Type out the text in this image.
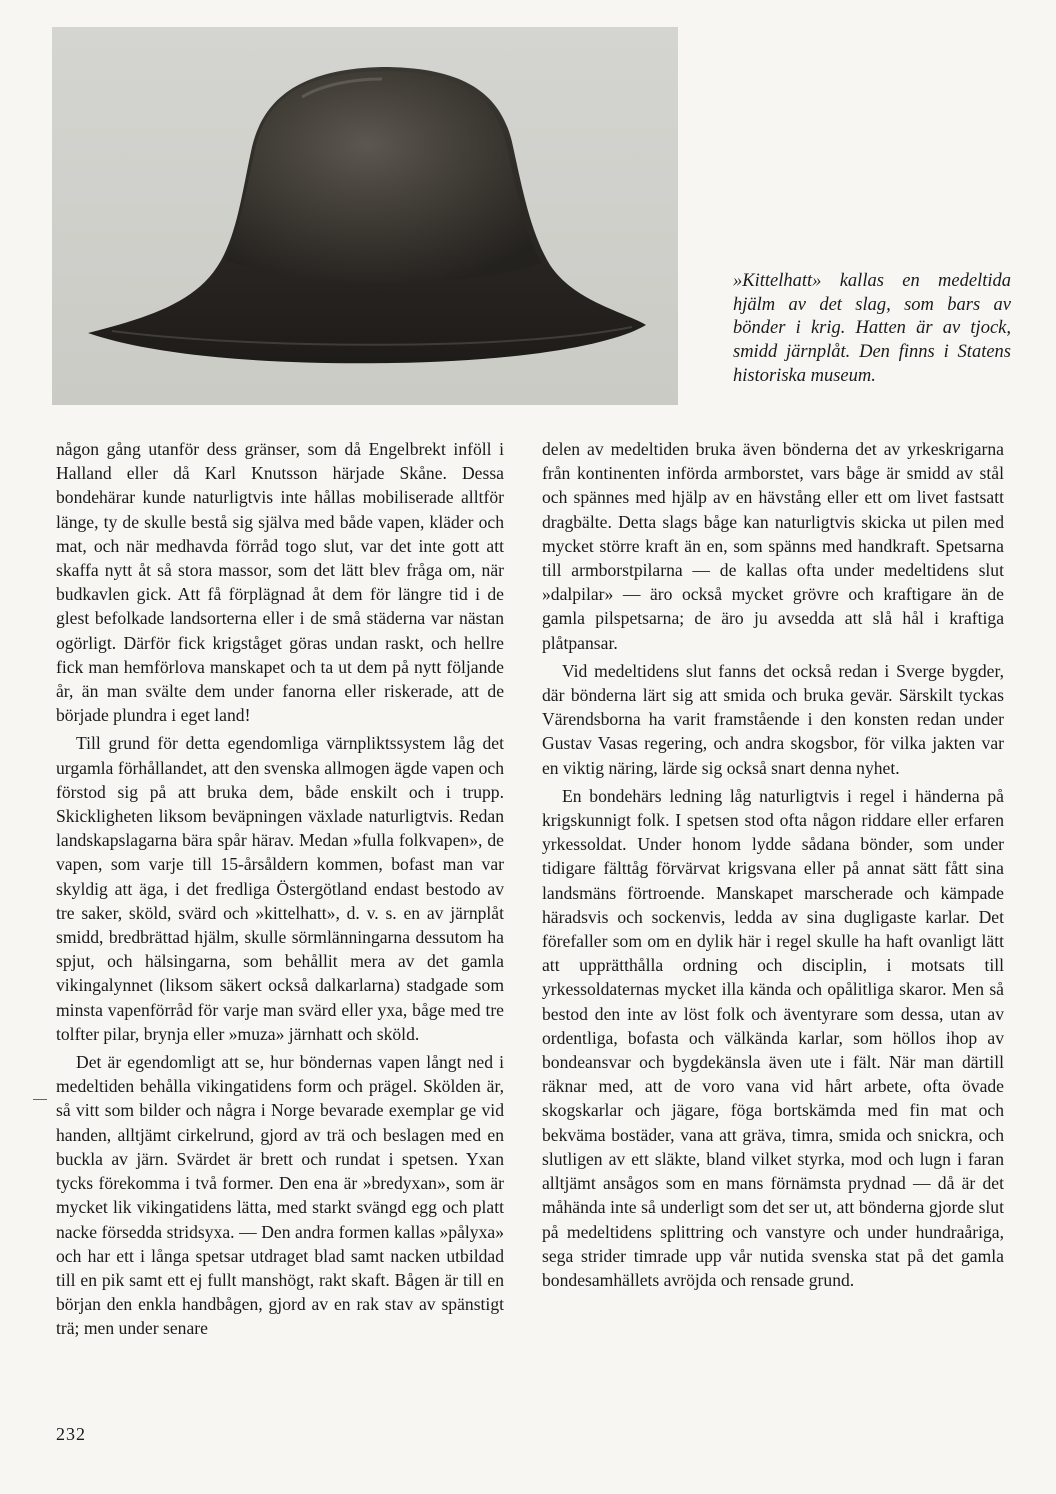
»Kittelhatt» kallas en medeltida hjälm av det slag, som bars av bönder i krig. Hatten är av tjock, smidd järnplåt. Den finns i Statens historiska museum.

någon gång utanför dess gränser, som då Engelbrekt inföll i Halland eller då Karl Knutsson härjade Skåne. Dessa bondehärar kunde naturligtvis inte hållas mobiliserade alltför länge, ty de skulle bestå sig själva med både vapen, kläder och mat, och när medhavda förråd togo slut, var det inte gott att skaffa nytt åt så stora massor, som det lätt blev fråga om, när budkavlen gick. Att få förplägnad åt dem för längre tid i de glest befolkade landsorterna eller i de små städerna var nästan ogörligt. Därför fick krigståget göras undan raskt, och hellre fick man hemförlova manskapet och ta ut dem på nytt följande år, än man svälte dem under fanorna eller riskerade, att de började plundra i eget land!

Till grund för detta egendomliga värnpliktssystem låg det urgamla förhållandet, att den svenska allmogen ägde vapen och förstod sig på att bruka dem, både enskilt och i trupp. Skickligheten liksom beväpningen växlade naturligtvis. Redan landskapslagarna bära spår härav. Medan »fulla folkvapen», de vapen, som varje till 15-årsåldern kommen, bofast man var skyldig att äga, i det fredliga Östergötland endast bestodo av tre saker, sköld, svärd och »kittelhatt», d. v. s. en av järnplåt smidd, bredbrättad hjälm, skulle sörmlänningarna dessutom ha spjut, och hälsingarna, som behållit mera av det gamla vikingalynnet (liksom säkert också dalkarlarna) stadgade som minsta vapenförråd för varje man svärd eller yxa, båge med tre tolfter pilar, brynja eller »muza» järnhatt och sköld.

Det är egendomligt att se, hur böndernas vapen långt ned i medeltiden behålla vikingatidens form och prägel. Skölden är, så vitt som bilder och några i Norge bevarade exemplar ge vid handen, alltjämt cirkelrund, gjord av trä och beslagen med en buckla av järn. Svärdet är brett och rundat i spetsen. Yxan tycks förekomma i två former. Den ena är »bredyxan», som är mycket lik vikingatidens lätta, med starkt svängd egg och platt nacke försedda stridsyxa. — Den andra formen kallas »pålyxa» och har ett i långa spetsar utdraget blad samt nacken utbildad till en pik samt ett ej fullt manshögt, rakt skaft. Bågen är till en början den enkla handbågen, gjord av en rak stav av spänstigt trä; men under senare

delen av medeltiden bruka även bönderna det av yrkeskrigarna från kontinenten införda armborstet, vars båge är smidd av stål och spännes med hjälp av en hävstång eller ett om livet fastsatt dragbälte. Detta slags båge kan naturligtvis skicka ut pilen med mycket större kraft än en, som spänns med handkraft. Spetsarna till armborstpilarna — de kallas ofta under medeltidens slut »dalpilar» — äro också mycket grövre och kraftigare än de gamla pilspetsarna; de äro ju avsedda att slå hål i kraftiga plåtpansar.

Vid medeltidens slut fanns det också redan i Sverge bygder, där bönderna lärt sig att smida och bruka gevär. Särskilt tyckas Värendsborna ha varit framstående i den konsten redan under Gustav Vasas regering, och andra skogsbor, för vilka jakten var en viktig näring, lärde sig också snart denna nyhet.

En bondehärs ledning låg naturligtvis i regel i händerna på krigskunnigt folk. I spetsen stod ofta någon riddare eller erfaren yrkessoldat. Under honom lydde sådana bönder, som under tidigare fälttåg förvärvat krigsvana eller på annat sätt fått sina landsmäns förtroende. Manskapet marscherade och kämpade häradsvis och sockenvis, ledda av sina dugligaste karlar. Det förefaller som om en dylik här i regel skulle ha haft ovanligt lätt att upprätthålla ordning och disciplin, i motsats till yrkessoldaternas mycket illa kända och opålitliga skaror. Men så bestod den inte av löst folk och äventyrare som dessa, utan av ordentliga, bofasta och välkända karlar, som höllos ihop av bondeansvar och bygdekänsla även ute i fält. När man därtill räknar med, att de voro vana vid hårt arbete, ofta övade skogskarlar och jägare, föga bortskämda med fin mat och bekväma bostäder, vana att gräva, timra, smida och snickra, och slutligen av ett släkte, bland vilket styrka, mod och lugn i faran alltjämt ansågos som en mans förnämsta prydnad — då är det måhända inte så underligt som det ser ut, att bönderna gjorde slut på medeltidens splittring och vanstyre och under hundraåriga, sega strider timrade upp vår nutida svenska stat på det gamla bondesamhällets avröjda och rensade grund.

232
